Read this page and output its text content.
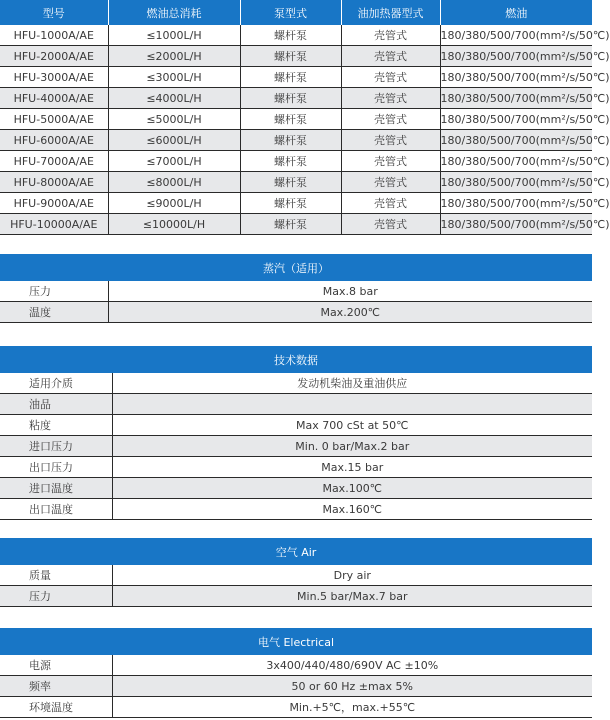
型号	燃油总消耗	泵型式	油加热器型式	燃油
HFU-1000A/AE	≤1000L/H	螺杆泵	壳管式	180/380/500/700(mm²/s/50℃)
HFU-2000A/AE	≤2000L/H	螺杆泵	壳管式	180/380/500/700(mm²/s/50℃)
HFU-3000A/AE	≤3000L/H	螺杆泵	壳管式	180/380/500/700(mm²/s/50℃)
HFU-4000A/AE	≤4000L/H	螺杆泵	壳管式	180/380/500/700(mm²/s/50℃)
HFU-5000A/AE	≤5000L/H	螺杆泵	壳管式	180/380/500/700(mm²/s/50℃)
HFU-6000A/AE	≤6000L/H	螺杆泵	壳管式	180/380/500/700(mm²/s/50℃)
HFU-7000A/AE	≤7000L/H	螺杆泵	壳管式	180/380/500/700(mm²/s/50℃)
HFU-8000A/AE	≤8000L/H	螺杆泵	壳管式	180/380/500/700(mm²/s/50℃)
HFU-9000A/AE	≤9000L/H	螺杆泵	壳管式	180/380/500/700(mm²/s/50℃)
HFU-10000A/AE	≤10000L/H	螺杆泵	壳管式	180/380/500/700(mm²/s/50℃)
蒸汽（适用）	
压力	Max.8 bar
温度	Max.200℃
技术数据	
适用介质	发动机柴油及重油供应
油品	
粘度	Max 700 cSt at 50℃
进口压力	Min. 0 bar/Max.2 bar
出口压力	Max.15 bar
进口温度	Max.100℃
出口温度	Max.160℃
空气 Air	
质量	Dry air
压力	Min.5 bar/Max.7 bar
电气 Electrical	
电源	3x400/440/480/690V AC ±10%
频率	50 or 60 Hz ±max 5%
环境温度	Min.+5℃，max.+55℃
